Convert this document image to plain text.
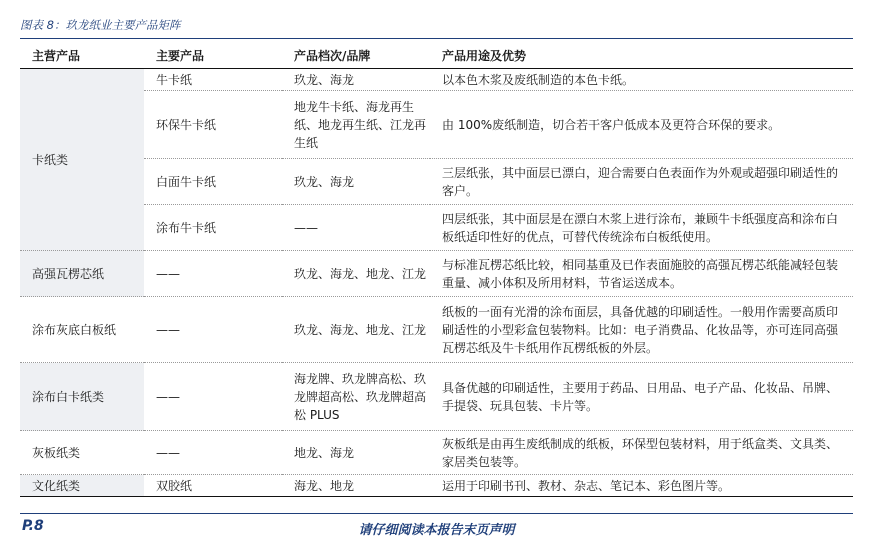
图表 8：玖龙纸业主要产品矩阵
主营产品	主要产品	产品档次/品牌	产品用途及优势
卡纸类	牛卡纸	玖龙、海龙	以本色木浆及废纸制造的本色卡纸。
	环保牛卡纸	地龙牛卡纸、海龙再生纸、地龙再生纸、江龙再生纸	由 100%废纸制造，切合若干客户低成本及更符合环保的要求。
	白面牛卡纸	玖龙、海龙	三层纸张，其中面层已漂白，迎合需要白色表面作为外观或超强印刷适性的客户。
	涂布牛卡纸	——	四层纸张，其中面层是在漂白木浆上进行涂布，兼顾牛卡纸强度高和涂布白板纸适印性好的优点，可替代传统涂布白板纸使用。
高强瓦楞芯纸	——	玖龙、海龙、地龙、江龙	与标准瓦楞芯纸比较，相同基重及已作表面施胶的高强瓦楞芯纸能减轻包装重量、减小体积及所用材料，节省运送成本。
涂布灰底白板纸	——	玖龙、海龙、地龙、江龙	纸板的一面有光滑的涂布面层，具备优越的印刷适性。一般用作需要高质印刷适性的小型彩盒包装物料。比如：电子消费品、化妆品等，亦可连同高强瓦楞芯纸及牛卡纸用作瓦楞纸板的外层。
涂布白卡纸类	——	海龙牌、玖龙牌高松、玖龙牌超高松、玖龙牌超高松 PLUS	具备优越的印刷适性，主要用于药品、日用品、电子产品、化妆品、吊牌、手提袋、玩具包装、卡片等。
灰板纸类	——	地龙、海龙	灰板纸是由再生废纸制成的纸板，环保型包装材料，用于纸盒类、文具类、家居类包装等。
文化纸类	双胶纸	海龙、地龙	运用于印刷书刊、教材、杂志、笔记本、彩色图片等。
P.8	请仔细阅读本报告末页声明
